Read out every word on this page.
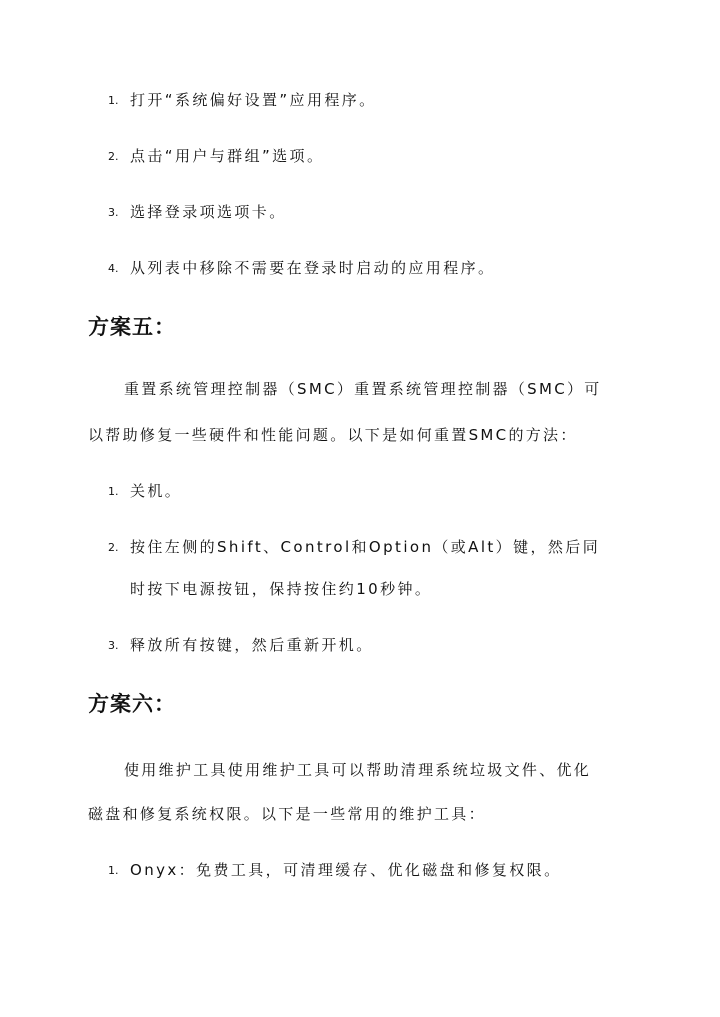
1. 打开“系统偏好设置”应用程序。
2. 点击“用户与群组”选项。
3. 选择登录项选项卡。
4. 从列表中移除不需要在登录时启动的应用程序。
方案五：
重置系统管理控制器（SMC）重置系统管理控制器（SMC）可
以帮助修复一些硬件和性能问题。以下是如何重置SMC的方法：
1. 关机。
2. 按住左侧的Shift、Control和Option（或Alt）键，然后同
时按下电源按钮，保持按住约10秒钟。
3. 释放所有按键，然后重新开机。
方案六：
使用维护工具使用维护工具可以帮助清理系统垃圾文件、优化
磁盘和修复系统权限。以下是一些常用的维护工具：
1. Onyx：免费工具，可清理缓存、优化磁盘和修复权限。
